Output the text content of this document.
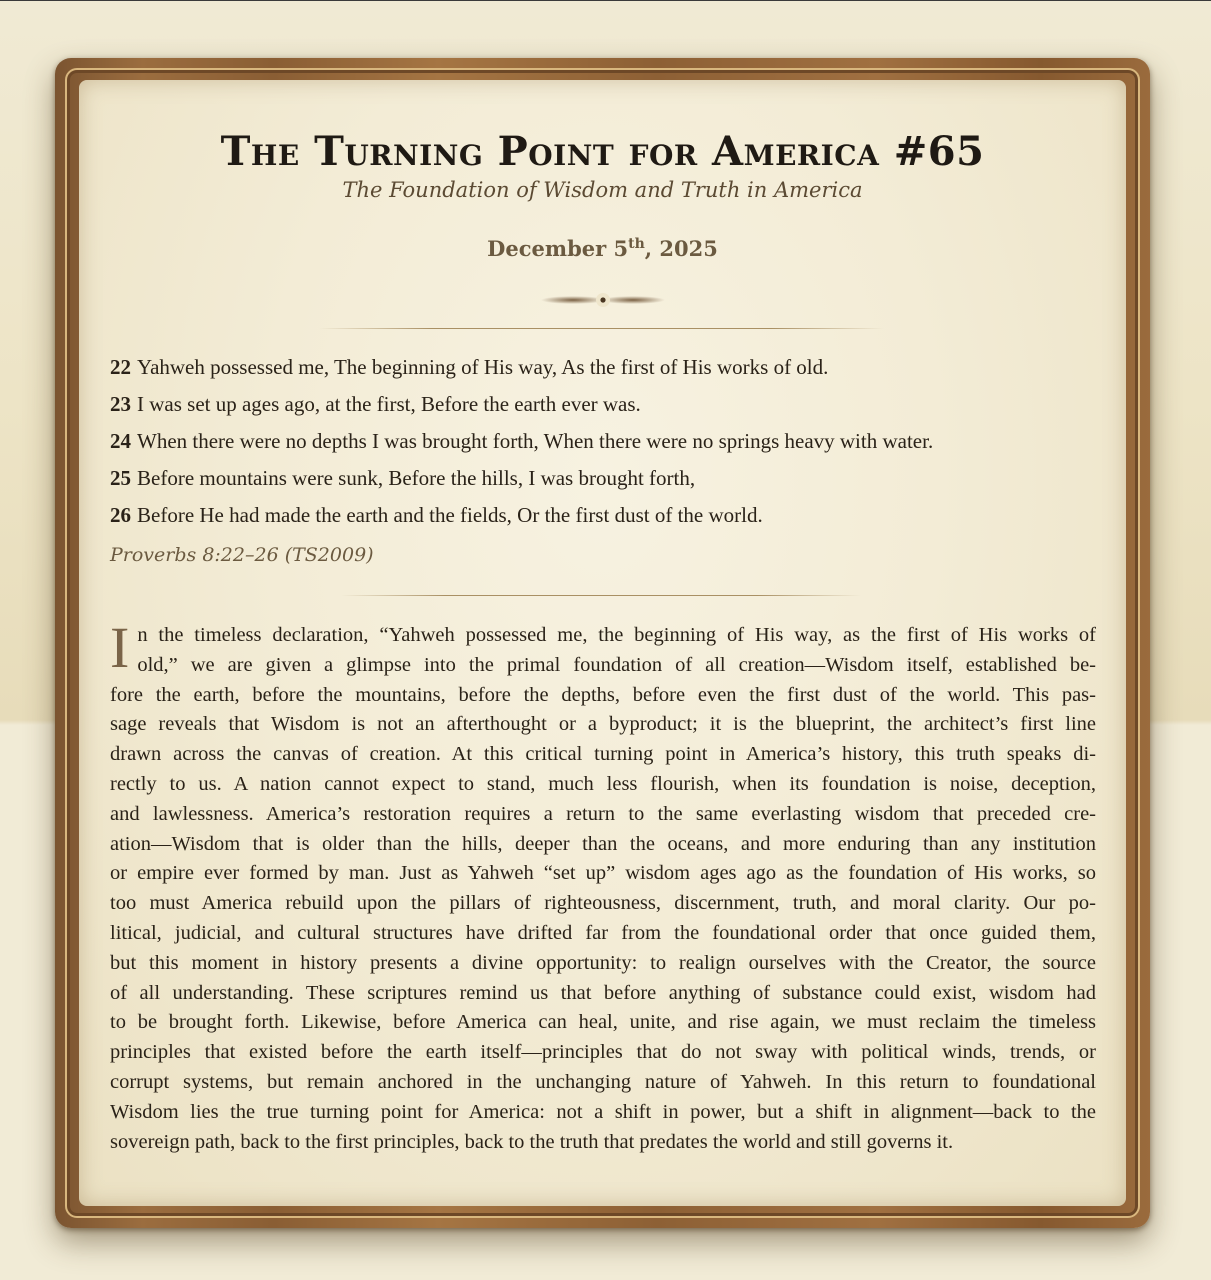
The Turning Point for America #65
The Foundation of Wisdom and Truth in America
December 5th, 2025
22 Yahweh possessed me, The beginning of His way, As the first of His works of old.
23 I was set up ages ago, at the first, Before the earth ever was.
24 When there were no depths I was brought forth, When there were no springs heavy with water.
25 Before mountains were sunk, Before the hills, I was brought forth,
26 Before He had made the earth and the fields, Or the first dust of the world.
Proverbs 8:22–26 (TS2009)
I n the timeless declaration, “Yahweh possessed me, the beginning of His way, as the first of His works of
old,” we are given a glimpse into the primal foundation of all creation—Wisdom itself, established be-
fore the earth, before the mountains, before the depths, before even the first dust of the world. This pas-
sage reveals that Wisdom is not an afterthought or a byproduct; it is the blueprint, the architect’s first line
drawn across the canvas of creation. At this critical turning point in America’s history, this truth speaks di-
rectly to us. A nation cannot expect to stand, much less flourish, when its foundation is noise, deception,
and lawlessness. America’s restoration requires a return to the same everlasting wisdom that preceded cre-
ation—Wisdom that is older than the hills, deeper than the oceans, and more enduring than any institution
or empire ever formed by man. Just as Yahweh “set up” wisdom ages ago as the foundation of His works, so
too must America rebuild upon the pillars of righteousness, discernment, truth, and moral clarity. Our po-
litical, judicial, and cultural structures have drifted far from the foundational order that once guided them,
but this moment in history presents a divine opportunity: to realign ourselves with the Creator, the source
of all understanding. These scriptures remind us that before anything of substance could exist, wisdom had
to be brought forth. Likewise, before America can heal, unite, and rise again, we must reclaim the timeless
principles that existed before the earth itself—principles that do not sway with political winds, trends, or
corrupt systems, but remain anchored in the unchanging nature of Yahweh. In this return to foundational
Wisdom lies the true turning point for America: not a shift in power, but a shift in alignment—back to the
sovereign path, back to the first principles, back to the truth that predates the world and still governs it.
